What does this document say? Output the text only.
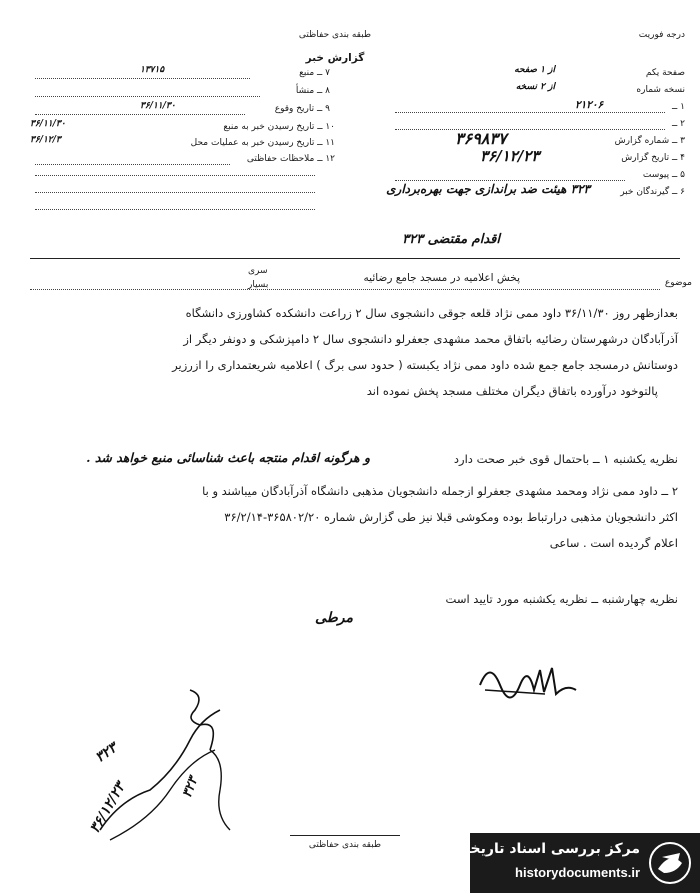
طبقه بندی حفاظتی
گزارش خبر
درجه فوریت
۷ ــ منبع
۱۳۷۱۵
۸ ــ منشأ
۹ ــ تاریخ وقوع
۳۶/۱۱/۳۰
۱۰ ــ تاریخ رسیدن خبر به منبع
۳۶/۱۱/۳۰
۱۱ ــ تاریخ رسیدن خبر به عملیات محل
۳۶/۱۲/۳
۱۲ ــ ملاحظات حفاظتی
صفحة یکم
از ۱ صفحه
نسخه شماره
از ۲ نسخه
۱ ــ
۲۱۲۰۶
۲ ــ
۳ ــ شماره گزارش
۳۶۹۸۳۷
۴ ــ تاریخ گزارش
۳۶/۱۲/۲۳
۵ ــ پیوست
۶ ــ گیرندگان خبر
۳۲۳ هیئت ضد براندازی جهت بهره‌برداری
اقدام مقتضی ۳۲۳
موضوع
پخش اعلامیه در مسجد جامع رضائیه
سری
بسیار
بعدازظهر روز ۳۶/۱۱/۳۰ داود ممی نژاد قلعه جوقی دانشجوی سال ۲ زراعت دانشکده کشاورزی دانشگاه
آذرآبادگان درشهرستان رضائیه باتفاق محمد مشهدی جعفرلو دانشجوی سال ۲ دامپزشکی و دونفر دیگر از
دوستانش درمسجد جامع جمع شده داود ممی نژاد یکبسته ( حدود سی برگ ) اعلامیه شریعتمداری را ازرزیر
پالتوخود درآورده باتفاق دیگران مختلف مسجد پخش نموده اند
نظریه یکشنبه ۱ ــ باحتمال قوی خبر صحت دارد
و هرگونه اقدام منتجه باعث شناسائی منبع خواهد شد .
۲ ــ داود ممی نژاد ومحمد مشهدی جعفرلو ازجمله دانشجویان مذهبی دانشگاه آذرآبادگان میباشند و با
اکثر دانشجویان مذهبی درارتباط بوده ومکوشی قبلا نیز طی گزارش شماره ۳۶۵۸۰۲/۲۰-۳۶/۲/۱۴
اعلام گردیده است . ساعی
نظریه چهارشنبه ــ نظریه یکشنبه مورد تایید است
مرطی
۳۲۳
۳۶/۱۲/۲۳	۳۲۳
طبقه بندی حفاظتی	مرکز بررسی اسناد تاریخی
historydocuments.ir
